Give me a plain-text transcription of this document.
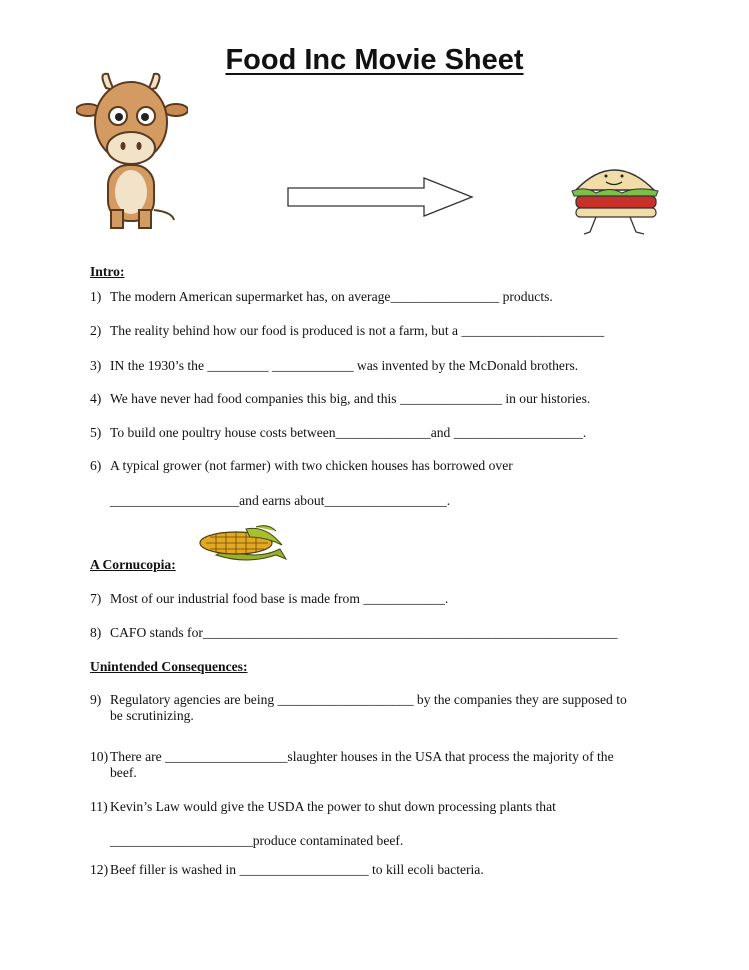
Food Inc Movie Sheet
Intro:
1) The modern American supermarket has, on average________________ products.
2) The reality behind how our food is produced is not a farm, but a _____________________
3) IN the 1930’s the _________ ____________ was invented by the McDonald brothers.
4) We have never had food companies this big, and this _______________ in our histories.
5) To build one poultry house costs between______________and ___________________.
6) A typical grower (not farmer) with two chicken houses has borrowed over
___________________and earns about__________________.
A Cornucopia:
7) Most of our industrial food base is made from ____________.
8) CAFO stands for_____________________________________________________________
Unintended Consequences:
9) Regulatory agencies are being ____________________ by the companies they are supposed to
be scrutinizing.
10) There are __________________slaughter houses in the USA that process the majority of the
beef.
11) Kevin’s Law would give the USDA the power to shut down processing plants that
_____________________produce contaminated beef.
12) Beef filler is washed in ___________________ to kill ecoli bacteria.
